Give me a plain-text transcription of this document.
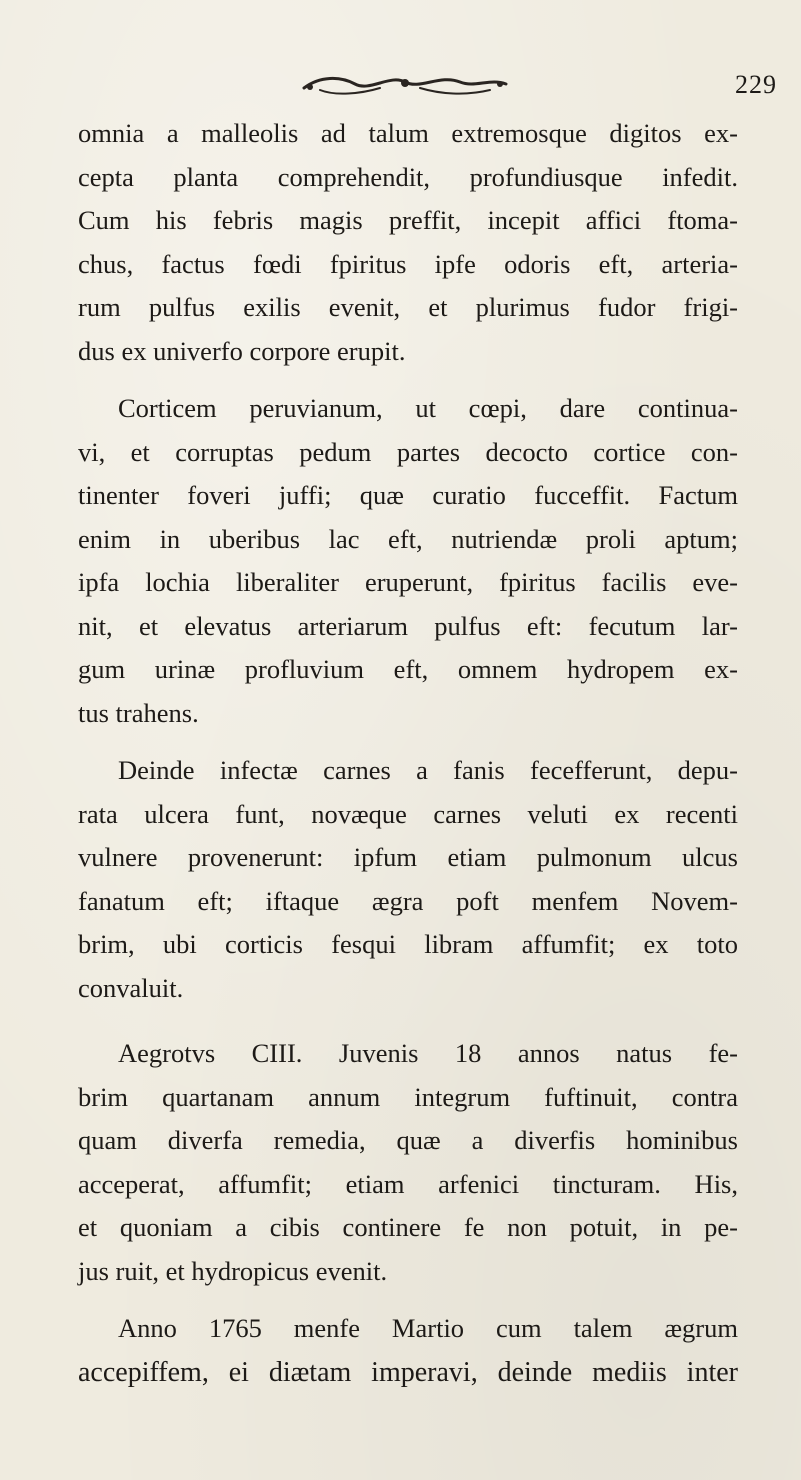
229
omnia a malleolis ad talum extremosque digitos ex-
cepta planta comprehendit, profundiusque infedit.
Cum his febris magis preffit, incepit affici ftoma-
chus, factus fœdi fpiritus ipfe odoris eft, arteria-
rum pulfus exilis evenit, et plurimus fudor frigi-
dus ex univerfo corpore erupit.
Corticem peruvianum, ut cœpi, dare continua-
vi, et corruptas pedum partes decocto cortice con-
tinenter foveri juffi; quæ curatio fucceffit. Factum
enim in uberibus lac eft, nutriendæ proli aptum;
ipfa lochia liberaliter eruperunt, fpiritus facilis eve-
nit, et elevatus arteriarum pulfus eft: fecutum lar-
gum urinæ profluvium eft, omnem hydropem ex-
tus trahens.
Deinde infectæ carnes a fanis fecefferunt, depu-
rata ulcera funt, novæque carnes veluti ex recenti
vulnere provenerunt: ipfum etiam pulmonum ulcus
fanatum eft; iftaque ægra poft menfem Novem-
brim, ubi corticis fesqui libram affumfit; ex toto
convaluit.
Aegrotvs CIII. Juvenis 18 annos natus fe-
brim quartanam annum integrum fuftinuit, contra
quam diverfa remedia, quæ a diverfis hominibus
acceperat, affumfit; etiam arfenici tincturam. His,
et quoniam a cibis continere fe non potuit, in pe-
jus ruit, et hydropicus evenit.
Anno 1765 menfe Martio cum talem ægrum
accepiffem, ei diætam imperavi, deinde mediis inter
